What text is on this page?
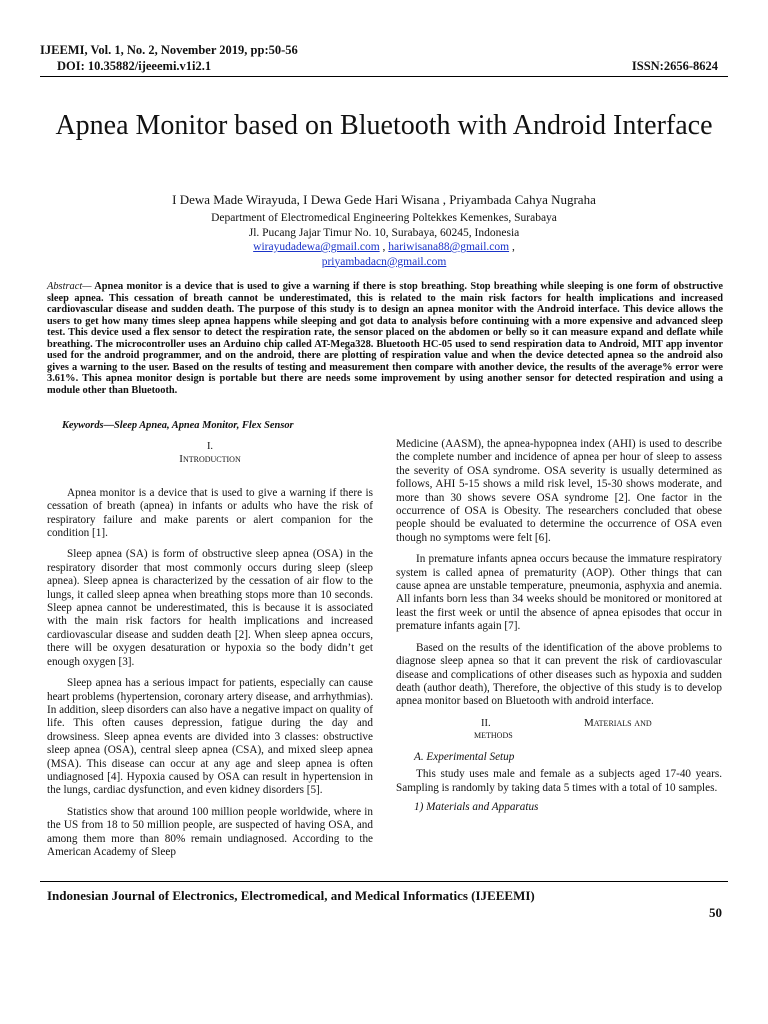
IJEEMI, Vol. 1, No. 2, November 2019, pp:50-56
DOI: 10.35882/ijeeemi.v1i2.1	ISSN:2656-8624
Apnea Monitor based on Bluetooth with Android Interface
I Dewa Made Wirayuda, I Dewa Gede Hari Wisana , Priyambada Cahya Nugraha
Department of Electromedical Engineering Poltekkes Kemenkes, Surabaya
Jl. Pucang Jajar Timur No. 10, Surabaya, 60245, Indonesia
wirayudadewa@gmail.com , hariwisana88@gmail.com ,
priyambadacn@gmail.com
Abstract— Apnea monitor is a device that is used to give a warning if there is stop breathing. Stop breathing while sleeping is one form of obstructive sleep apnea. This cessation of breath cannot be underestimated, this is related to the main risk factors for health implications and increased cardiovascular disease and sudden death. The purpose of this study is to design an apnea monitor with the Android interface. This device allows the users to get how many times sleep apnea happens while sleeping and got data to analysis before continuing with a more expensive and advanced sleep test. This device used a flex sensor to detect the respiration rate, the sensor placed on the abdomen or belly so it can measure expand and deflate while breathing. The microcontroller uses an Arduino chip called AT-Mega328. Bluetooth HC-05 used to send respiration data to Android, MIT app inventor used for the android programmer, and on the android, there are plotting of respiration value and when the device detected apnea so the android also gives a warning to the user. Based on the results of testing and measurement then compare with another device, the results of the average% error were 3.61%. This apnea monitor design is portable but there are needs some improvement by using another sensor for detected respiration and using a module other than Bluetooth.
Keywords—Sleep Apnea, Apnea Monitor, Flex Sensor
I.
Introduction

Apnea monitor is a device that is used to give a warning if there is cessation of breath (apnea) in infants or adults who have the risk of respiratory failure and make parents or alert companion for the condition [1].

Sleep apnea (SA) is form of obstructive sleep apnea (OSA) in the respiratory disorder that most commonly occurs during sleep (sleep apnea). Sleep apnea is characterized by the cessation of air flow to the lungs, it called sleep apnea when breathing stops more than 10 seconds. Sleep apnea cannot be underestimated, this is because it is associated with the main risk factors for health implications and increased cardiovascular disease and sudden death [2]. When sleep apnea occurs, there will be oxygen desaturation or hypoxia so the body didn’t get enough oxygen [3].

Sleep apnea has a serious impact for patients, especially can cause heart problems (hypertension, coronary artery disease, and arrhythmias). In addition, sleep disorders can also have a negative impact on quality of life. This often causes depression, fatigue during the day and drowsiness. Sleep apnea events are divided into 3 classes: obstructive sleep apnea (OSA), central sleep apnea (CSA), and mixed sleep apnea (MSA). This disease can occur at any age and sleep apnea is often undiagnosed [4]. Hypoxia caused by OSA can result in hypertension in the lungs, cardiac dysfunction, and even kidney disorders [5].

Statistics show that around 100 million people worldwide, where in the US from 18 to 50 million people, are suspected of having OSA, and among them more than 80% remain undiagnosed. According to the American Academy of Sleep

Medicine (AASM), the apnea-hypopnea index (AHI) is used to describe the complete number and incidence of apnea per hour of sleep to assess the severity of OSA syndrome. OSA severity is usually determined as follows, AHI 5-15 shows a mild risk level, 15-30 shows moderate, and more than 30 shows severe OSA syndrome [2]. One factor in the occurrence of OSA is Obesity. The researchers concluded that obese people should be evaluated to determine the occurrence of OSA even though no symptoms were felt [6].

In premature infants apnea occurs because the immature respiratory system is called apnea of prematurity (AOP). Other things that can cause apnea are unstable temperature, pneumonia, asphyxia and anemia. All infants born less than 34 weeks should be monitored or monitored at least the first week or until the absence of apnea episodes that occur in premature infants again [7].

Based on the results of the identification of the above problems to diagnose sleep apnea so that it can prevent the risk of cardiovascular disease and complications of other diseases such as hypoxia and sudden death (author death), Therefore, the objective of this study is to develop apnea monitor based on Bluetooth with android interface.

II.	Materials and
methods
A. Experimental Setup

This study uses male and female as a subjects aged 17-40 years. Sampling is randomly by taking data 5 times with a total of 10 samples.

1) Materials and Apparatus
Indonesian Journal of Electronics, Electromedical, and Medical Informatics (IJEEEMI)
50
